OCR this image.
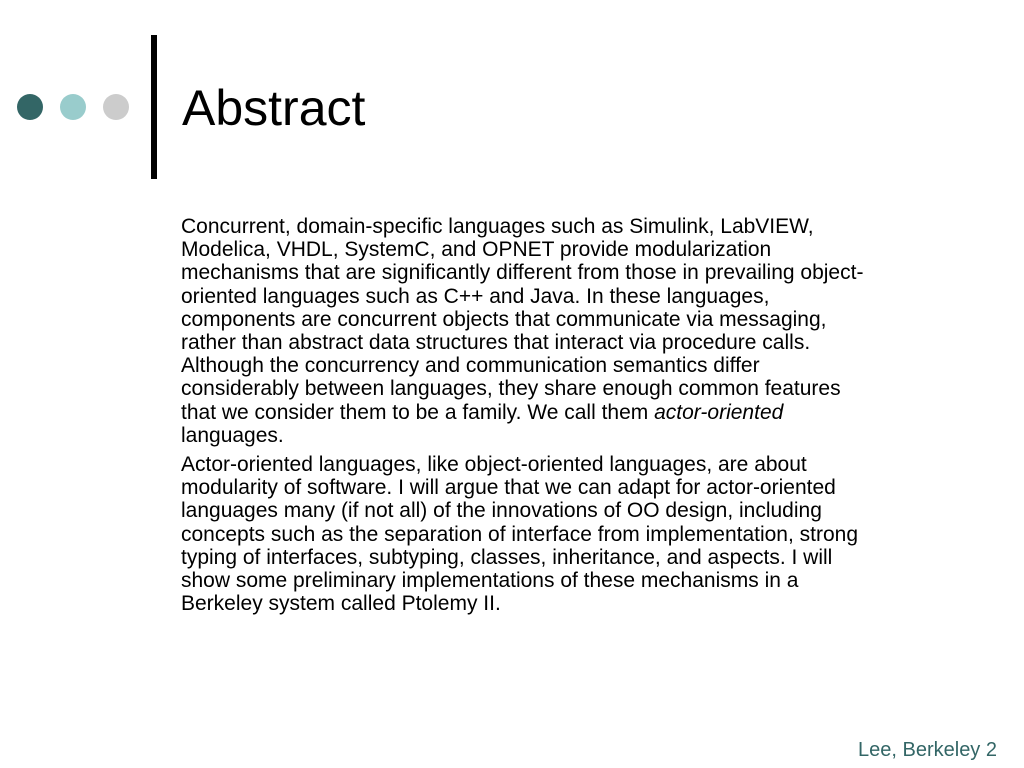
Abstract

Concurrent, domain-specific languages such as Simulink, LabVIEW,
Modelica, VHDL, SystemC, and OPNET provide modularization
mechanisms that are significantly different from those in prevailing object-
oriented languages such as C++ and Java. In these languages,
components are concurrent objects that communicate via messaging,
rather than abstract data structures that interact via procedure calls.
Although the concurrency and communication semantics differ
considerably between languages, they share enough common features
that we consider them to be a family. We call them actor-oriented
languages.

Actor-oriented languages, like object-oriented languages, are about
modularity of software. I will argue that we can adapt for actor-oriented
languages many (if not all) of the innovations of OO design, including
concepts such as the separation of interface from implementation, strong
typing of interfaces, subtyping, classes, inheritance, and aspects. I will
show some preliminary implementations of these mechanisms in a
Berkeley system called Ptolemy II.

Lee, Berkeley 2
